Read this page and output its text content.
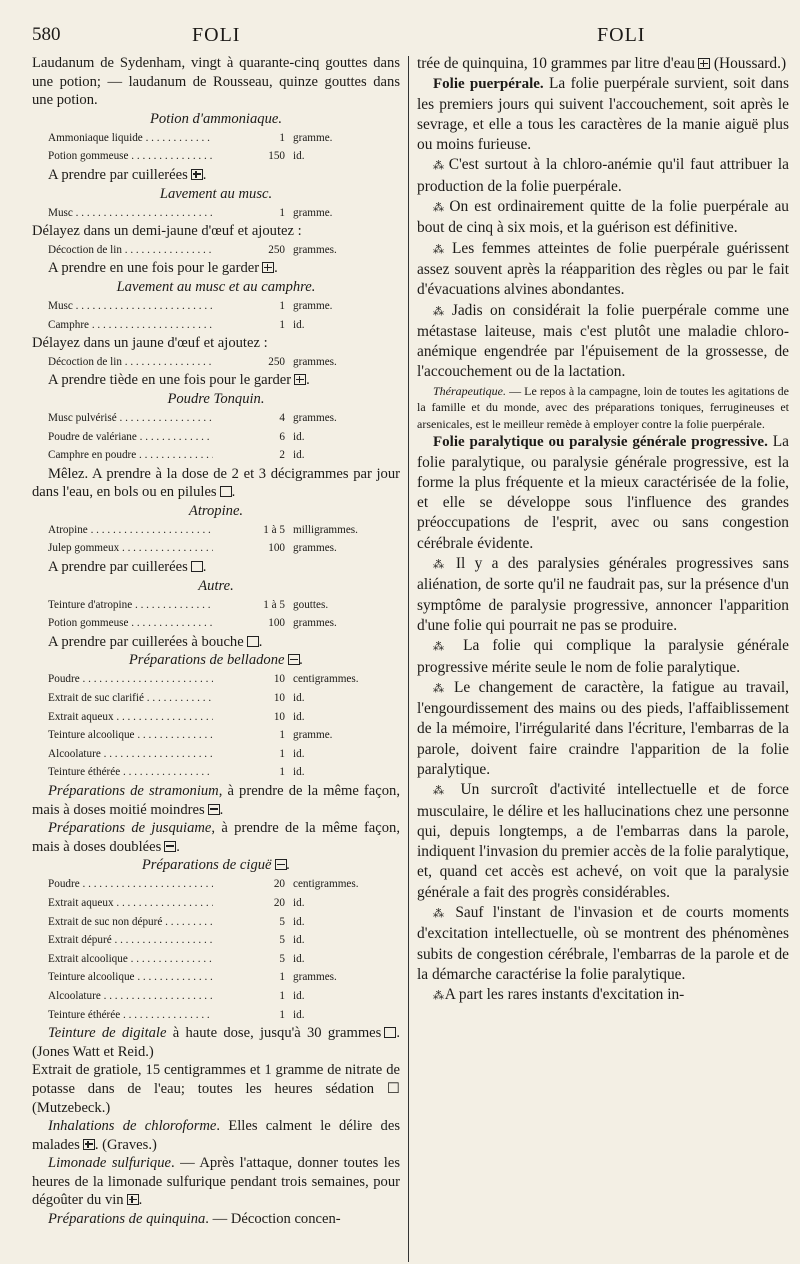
580	FOLI	FOLI
Laudanum de Sydenham, vingt à quarante-cinq gouttes dans une potion; — laudanum de Rousseau, quinze gouttes dans une potion.
Potion d'ammoniaque.
Ammoniaque liquide . . .	1 gramme.
Potion gommeuse . . .	150 id.
A prendre par cuillerées .
Lavement au musc.
Musc . . .	1 gramme.
Délayez dans un demi-jaune d'œuf et ajoutez :
Décoction de lin . . .	250 grammes.
A prendre en une fois pour le garder .
Lavement au musc et au camphre.
Musc . . .	1 gramme.
Camphre . . .	1 id.
Délayez dans un jaune d'œuf et ajoutez :
Décoction de lin . . .	250 grammes.
A prendre tiède en une fois pour le garder .
Poudre Tonquin.
Musc pulvérisé . . .	4 grammes.
Poudre de valériane . . .	6 id.
Camphre en poudre . . .	2 id.
Mêlez. A prendre à la dose de 2 et 3 décigrammes par jour dans l'eau, en bols ou en pilules .
Atropine.
Atropine . . .	1 à 5 milligrammes.
Julep gommeux . . .	100 grammes.
A prendre par cuillerées .
Autre.
Teinture d'atropine . . .	1 à 5 gouttes.
Potion gommeuse . . .	100 grammes.
A prendre par cuillerées à bouche .
Préparations de belladone .
Poudre . . .	10 centigrammes.
Extrait de suc clarifié . . .	10 id.
Extrait aqueux . . .	10 id.
Teinture alcoolique . . .	1 gramme.
Alcoolature . . .	1 id.
Teinture éthérée . . .	1 id.
Préparations de stramonium, à prendre de la même façon, mais à doses moitié moindres .
Préparations de jusquiame, à prendre de la même façon, mais à doses doublées .
Préparations de ciguë .
Poudre . . .	20 centigrammes.
Extrait aqueux . . .	20 id.
Extrait de suc non dépuré . . .	5 id.
Extrait dépuré . . .	5 id.
Extrait alcoolique . . .	5 id.
Teinture alcoolique . . .	1 grammes.
Alcoolature . . .	1 id.
Teinture éthérée . . .	1 id.
Teinture de digitale à haute dose, jusqu'à 30 grammes . (Jones Watt et Reid.)
Extrait de gratiole, 15 centigrammes et 1 gramme de nitrate de potasse dans de l'eau; toutes les heures sédation ☐ (Mutzebeck.)
Inhalations de chloroforme. Elles calment le délire des malades . (Graves.)
Limonade sulfurique. — Après l'attaque, donner toutes les heures de la limonade sulfurique pendant trois semaines, pour dégoûter du vin .
Préparations de quinquina. — Décoction concen-
trée de quinquina, 10 grammes par litre d'eau (Houssard.)
Folie puerpérale. La folie puerpérale survient, soit dans les premiers jours qui suivent l'accouchement, soit après le sevrage, et elle a tous les caractères de la manie aiguë plus ou moins furieuse.
⁂ C'est surtout à la chloro-anémie qu'il faut attribuer la production de la folie puerpérale.
⁂ On est ordinairement quitte de la folie puerpérale au bout de cinq à six mois, et la guérison est définitive.
⁂ Les femmes atteintes de folie puerpérale guérissent assez souvent après la réapparition des règles ou par le fait d'évacuations alvines abondantes.
⁂ Jadis on considérait la folie puerpérale comme une métastase laiteuse, mais c'est plutôt une maladie chloro-anémique engendrée par l'épuisement de la grossesse, de l'accouchement ou de la lactation.
Thérapeutique. — Le repos à la campagne, loin de toutes les agitations de la famille et du monde, avec des préparations toniques, ferrugineuses et arsenicales, est le meilleur remède à employer contre la folie puerpérale.
Folie paralytique ou paralysie générale progressive. La folie paralytique, ou paralysie générale progressive, est la forme la plus fréquente et la mieux caractérisée de la folie, et elle se développe sous l'influence des grandes préoccupations de l'esprit, avec ou sans congestion cérébrale évidente.
⁂ Il y a des paralysies générales progressives sans aliénation, de sorte qu'il ne faudrait pas, sur la présence d'un symptôme de paralysie progressive, annoncer l'apparition d'une folie qui pourrait ne pas se produire.
⁂ La folie qui complique la paralysie générale progressive mérite seule le nom de folie paralytique.
⁂ Le changement de caractère, la fatigue au travail, l'engourdissement des mains ou des pieds, l'affaiblissement de la mémoire, l'irrégularité dans l'écriture, l'embarras de la parole, doivent faire craindre l'apparition de la folie paralytique.
⁂ Un surcroît d'activité intellectuelle et de force musculaire, le délire et les hallucinations chez une personne qui, depuis longtemps, a de l'embarras dans la parole, indiquent l'invasion du premier accès de la folie paralytique, et, quand cet accès est achevé, on voit que la paralysie générale a fait des progrès considérables.
⁂ Sauf l'instant de l'invasion et de courts moments d'excitation intellectuelle, où se montrent des phénomènes subits de congestion cérébrale, l'embarras de la parole et de la démarche caractérise la folie paralytique.
⁂ A part les rares instants d'excitation in-
